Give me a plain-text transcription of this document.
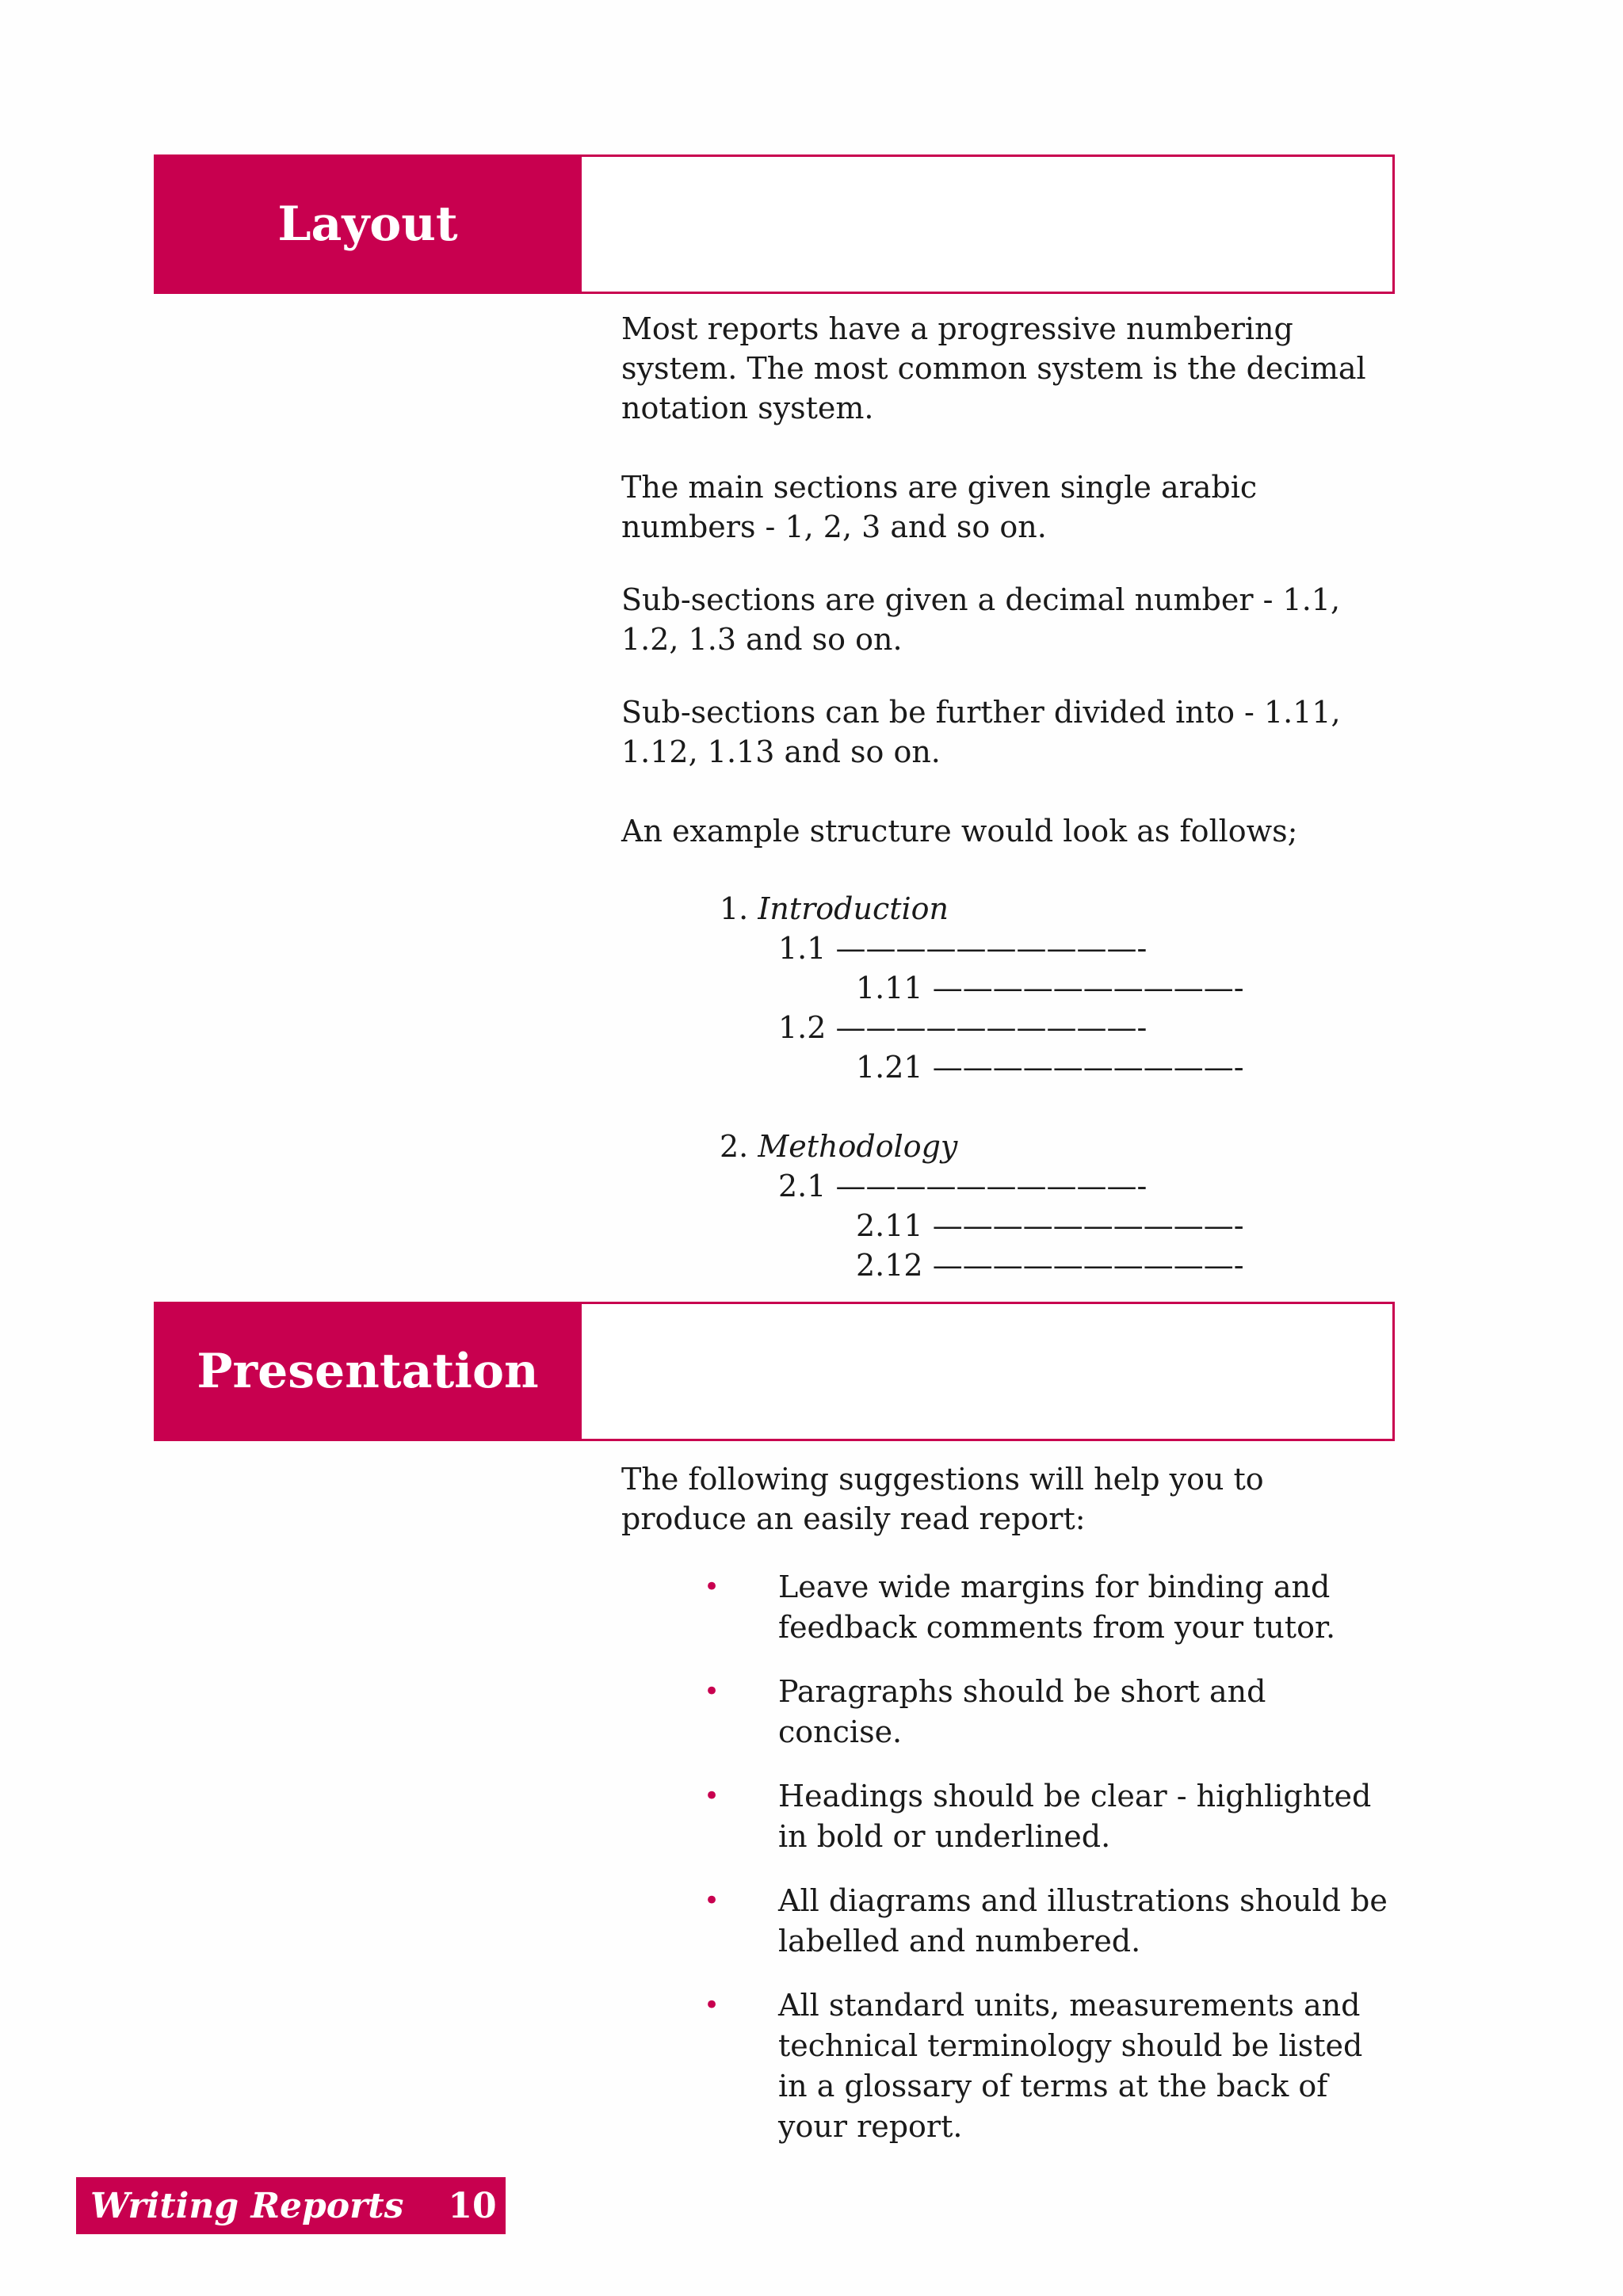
Layout

Most reports have a progressive numbering system. The most common system is the decimal notation system.

The main sections are given single arabic numbers - 1, 2, 3 and so on.

Sub-sections are given a decimal number - 1.1, 1.2, 1.3 and so on.

Sub-sections can be further divided into - 1.11, 1.12, 1.13 and so on.

An example structure would look as follows;

1. Introduction
1.1 ——————————-
1.11 ——————————-
1.2 ——————————-
1.21 ——————————-
2. Methodology
2.1 ——————————-
2.11 ——————————-
2.12 ——————————-
Presentation

The following suggestions will help you to produce an easily read report:

• Leave wide margins for binding and feedback comments from your tutor.
• Paragraphs should be short and concise.
• Headings should be clear - highlighted in bold or underlined.
• All diagrams and illustrations should be labelled and numbered.
• All standard units, measurements and technical terminology should be listed in a glossary of terms at the back of your report.
Writing Reports 10
